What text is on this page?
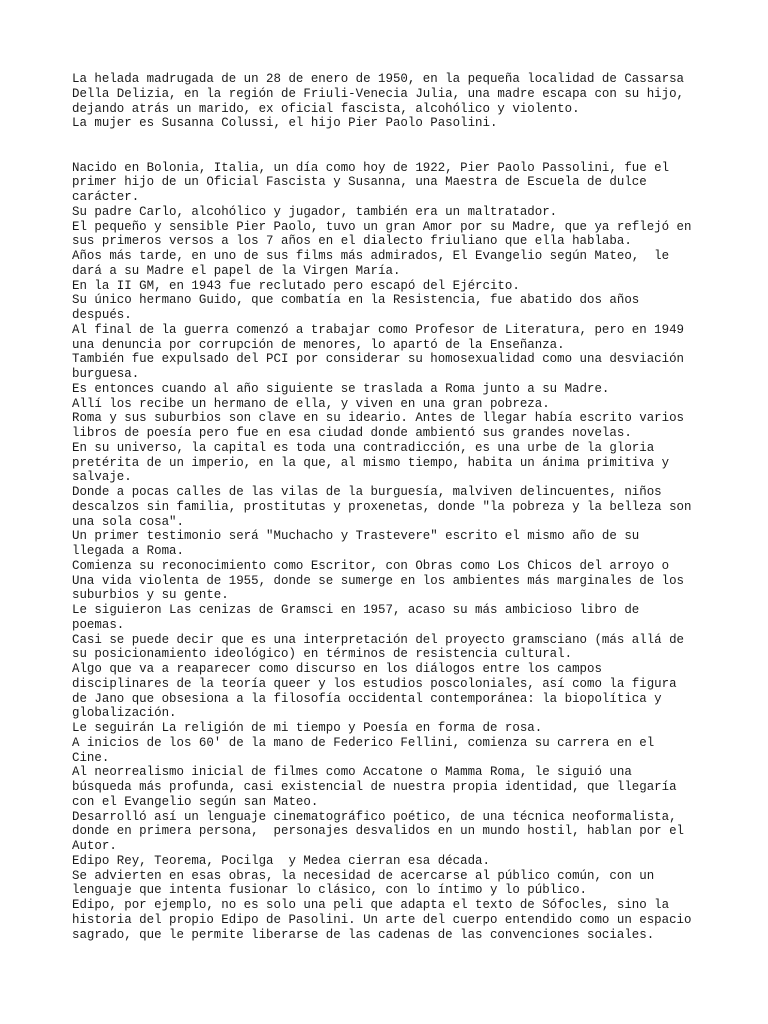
La helada madrugada de un 28 de enero de 1950, en la pequeña localidad de Cassarsa
Della Delizia, en la región de Friuli-Venecia Julia, una madre escapa con su hijo,
dejando atrás un marido, ex oficial fascista, alcohólico y violento.
La mujer es Susanna Colussi, el hijo Pier Paolo Pasolini.
Nacido en Bolonia, Italia, un día como hoy de 1922, Pier Paolo Passolini, fue el
primer hijo de un Oficial Fascista y Susanna, una Maestra de Escuela de dulce
carácter.
Su padre Carlo, alcohólico y jugador, también era un maltratador.
El pequeño y sensible Pier Paolo, tuvo un gran Amor por su Madre, que ya reflejó en
sus primeros versos a los 7 años en el dialecto friuliano que ella hablaba.
Años más tarde, en uno de sus films más admirados, El Evangelio según Mateo,  le
dará a su Madre el papel de la Virgen María.
En la II GM, en 1943 fue reclutado pero escapó del Ejército.
Su único hermano Guido, que combatía en la Resistencia, fue abatido dos años
después.
Al final de la guerra comenzó a trabajar como Profesor de Literatura, pero en 1949
una denuncia por corrupción de menores, lo apartó de la Enseñanza.
También fue expulsado del PCI por considerar su homosexualidad como una desviación
burguesa.
Es entonces cuando al año siguiente se traslada a Roma junto a su Madre.
Allí los recibe un hermano de ella, y viven en una gran pobreza.
Roma y sus suburbios son clave en su ideario. Antes de llegar había escrito varios
libros de poesía pero fue en esa ciudad donde ambientó sus grandes novelas.
En su universo, la capital es toda una contradicción, es una urbe de la gloria
pretérita de un imperio, en la que, al mismo tiempo, habita un ánima primitiva y
salvaje.
Donde a pocas calles de las vilas de la burguesía, malviven delincuentes, niños
descalzos sin familia, prostitutas y proxenetas, donde "la pobreza y la belleza son
una sola cosa".
Un primer testimonio será "Muchacho y Trastevere" escrito el mismo año de su
llegada a Roma.
Comienza su reconocimiento como Escritor, con Obras como Los Chicos del arroyo o
Una vida violenta de 1955, donde se sumerge en los ambientes más marginales de los
suburbios y su gente.
Le siguieron Las cenizas de Gramsci en 1957, acaso su más ambicioso libro de
poemas.
Casi se puede decir que es una interpretación del proyecto gramsciano (más allá de
su posicionamiento ideológico) en términos de resistencia cultural.
Algo que va a reaparecer como discurso en los diálogos entre los campos
disciplinares de la teoría queer y los estudios poscoloniales, así como la figura
de Jano que obsesiona a la filosofía occidental contemporánea: la biopolítica y
globalización.
Le seguirán La religión de mi tiempo y Poesía en forma de rosa.
A inicios de los 60' de la mano de Federico Fellini, comienza su carrera en el
Cine.
Al neorrealismo inicial de filmes como Accatone o Mamma Roma, le siguió una
búsqueda más profunda, casi existencial de nuestra propia identidad, que llegaría
con el Evangelio según san Mateo.
Desarrolló así un lenguaje cinematográfico poético, de una técnica neoformalista,
donde en primera persona,  personajes desvalidos en un mundo hostil, hablan por el
Autor.
Edipo Rey, Teorema, Pocilga  y Medea cierran esa década.
Se advierten en esas obras, la necesidad de acercarse al público común, con un
lenguaje que intenta fusionar lo clásico, con lo íntimo y lo público.
Edipo, por ejemplo, no es solo una peli que adapta el texto de Sófocles, sino la
historia del propio Edipo de Pasolini. Un arte del cuerpo entendido como un espacio
sagrado, que le permite liberarse de las cadenas de las convenciones sociales.
